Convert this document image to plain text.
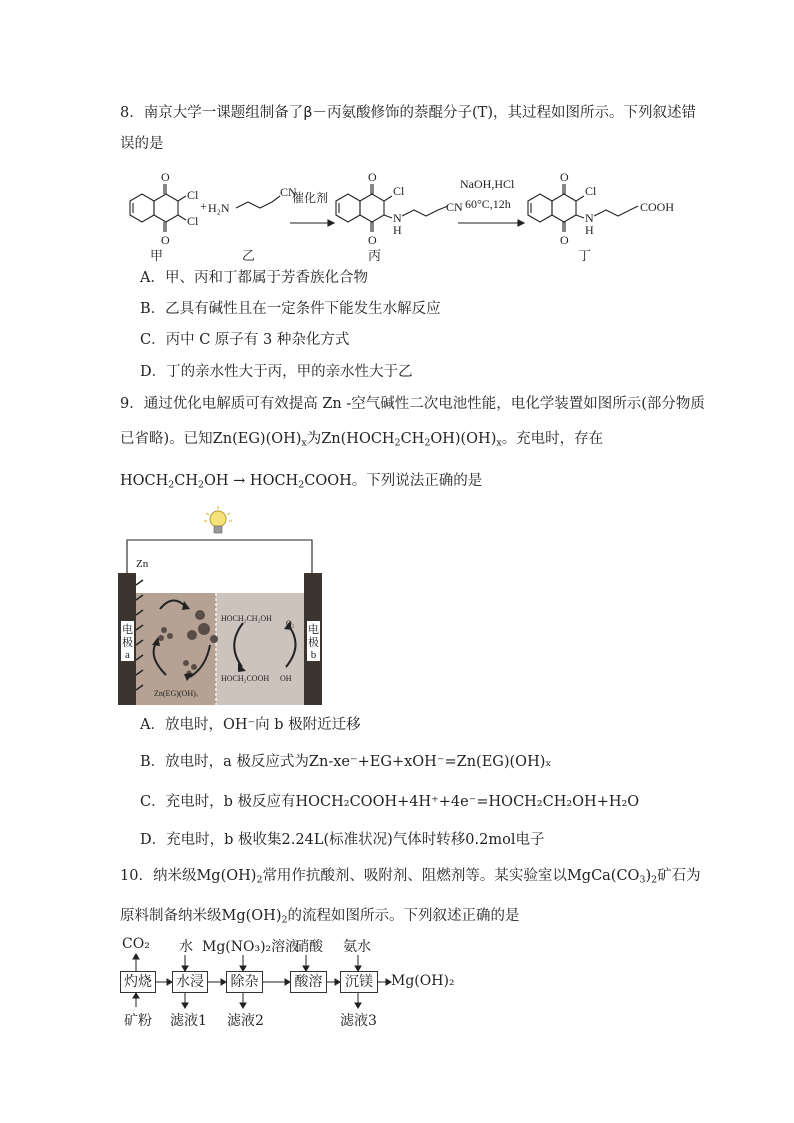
8．南京大学一课题组制备了β－丙氨酸修饰的萘醌分子(T)，其过程如图所示。下列叙述错
误的是
O
O
Cl
Cl
+ H₂N
CN
催化剂
O
O
Cl
N
H
CN
NaOH,HCl
60°C,12h
O
O
Cl
N
H
COOH
甲	乙	丙	丁
A．甲、丙和丁都属于芳香族化合物
B．乙具有碱性且在一定条件下能发生水解反应
C．丙中 C 原子有 3 种杂化方式
D．丁的亲水性大于丙，甲的亲水性大于乙
9．通过优化电解质可有效提高 Zn -空气碱性二次电池性能，电化学装置如图所示(部分物质
已省略)。已知$Zn(EG)(OH)_x$为$Zn(HOCH_2CH_2OH)(OH)_x$。充电时，存在
$HOCH_2CH_2OH$ → $HOCH_2COOH$。下列说法正确的是
Zn
HOCH₂CH₂OH
O₂
HOCH₂COOH OH
Zn(EG)(OH)ₓ
电
极
a
电
极
b
A．放电时，OH⁻向 b 极附近迁移
B．放电时，a 极反应式为Zn-xe⁻+EG+xOH⁻=Zn(EG)(OH)ₓ
C．充电时，b 极反应有HOCH₂COOH+4H⁺+4e⁻=HOCH₂CH₂OH+H₂O
D．充电时，b 极收集2.24L(标准状况)气体时转移0.2mol电子
10．纳米级$Mg(OH)_2$常用作抗酸剂、吸附剂、阻燃剂等。某实验室以$MgCa(CO_3)_2$矿石为
原料制备纳米级$Mg(OH)_2$的流程如图所示。下列叙述正确的是
灼烧 水浸	除杂	酸溶	沉镁
CO₂ 水 Mg(NO₃)₂溶液
硝酸 氨水
Mg(OH)₂
矿粉 滤液1 滤液2	滤液3
